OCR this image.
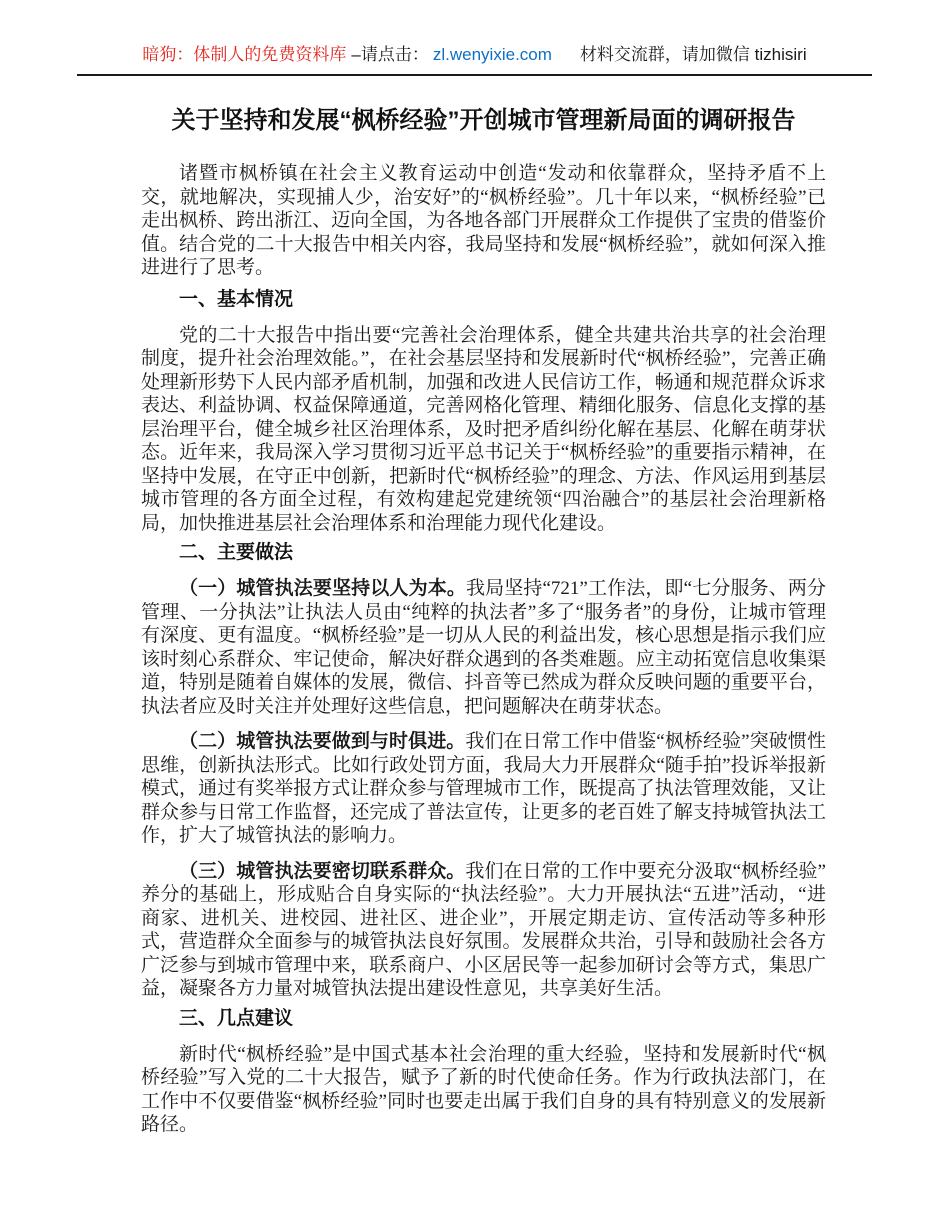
暗狗：体制人的免费资料库 –请点击： zl.wenyixie.com 材料交流群，请加微信 tizhisiri
关于坚持和发展“枫桥经验”开创城市管理新局面的调研报告

诸暨市枫桥镇在社会主义教育运动中创造“发动和依靠群众，坚持矛盾不上交，就地解决，实现捕人少，治安好”的“枫桥经验”。几十年以来，“枫桥经验”已走出枫桥、跨出浙江、迈向全国，为各地各部门开展群众工作提供了宝贵的借鉴价值。结合党的二十大报告中相关内容，我局坚持和发展“枫桥经验”，就如何深入推进进行了思考。

一、基本情况

党的二十大报告中指出要“完善社会治理体系，健全共建共治共享的社会治理制度，提升社会治理效能。”，在社会基层坚持和发展新时代“枫桥经验”，完善正确处理新形势下人民内部矛盾机制，加强和改进人民信访工作，畅通和规范群众诉求表达、利益协调、权益保障通道，完善网格化管理、精细化服务、信息化支撑的基层治理平台，健全城乡社区治理体系，及时把矛盾纠纷化解在基层、化解在萌芽状态。近年来，我局深入学习贯彻习近平总书记关于“枫桥经验”的重要指示精神，在坚持中发展，在守正中创新，把新时代“枫桥经验”的理念、方法、作风运用到基层城市管理的各方面全过程，有效构建起党建统领“四治融合”的基层社会治理新格局，加快推进基层社会治理体系和治理能力现代化建设。

二、主要做法

（一）城管执法要坚持以人为本。我局坚持“721”工作法，即“七分服务、两分管理、一分执法”让执法人员由“纯粹的执法者”多了“服务者”的身份，让城市管理有深度、更有温度。“枫桥经验”是一切从人民的利益出发，核心思想是指示我们应该时刻心系群众、牢记使命，解决好群众遇到的各类难题。应主动拓宽信息收集渠道，特别是随着自媒体的发展，微信、抖音等已然成为群众反映问题的重要平台，执法者应及时关注并处理好这些信息，把问题解决在萌芽状态。

（二）城管执法要做到与时俱进。我们在日常工作中借鉴“枫桥经验”突破惯性思维，创新执法形式。比如行政处罚方面，我局大力开展群众“随手拍”投诉举报新模式，通过有奖举报方式让群众参与管理城市工作，既提高了执法管理效能，又让群众参与日常工作监督，还完成了普法宣传，让更多的老百姓了解支持城管执法工作，扩大了城管执法的影响力。

（三）城管执法要密切联系群众。我们在日常的工作中要充分汲取“枫桥经验”养分的基础上，形成贴合自身实际的“执法经验”。大力开展执法“五进”活动，“进商家、进机关、进校园、进社区、进企业”，开展定期走访、宣传活动等多种形式，营造群众全面参与的城管执法良好氛围。发展群众共治，引导和鼓励社会各方广泛参与到城市管理中来，联系商户、小区居民等一起参加研讨会等方式，集思广益，凝聚各方力量对城管执法提出建设性意见，共享美好生活。

三、几点建议

新时代“枫桥经验”是中国式基本社会治理的重大经验，坚持和发展新时代“枫桥经验”写入党的二十大报告，赋予了新的时代使命任务。作为行政执法部门，在工作中不仅要借鉴“枫桥经验”同时也要走出属于我们自身的具有特别意义的发展新路径。
